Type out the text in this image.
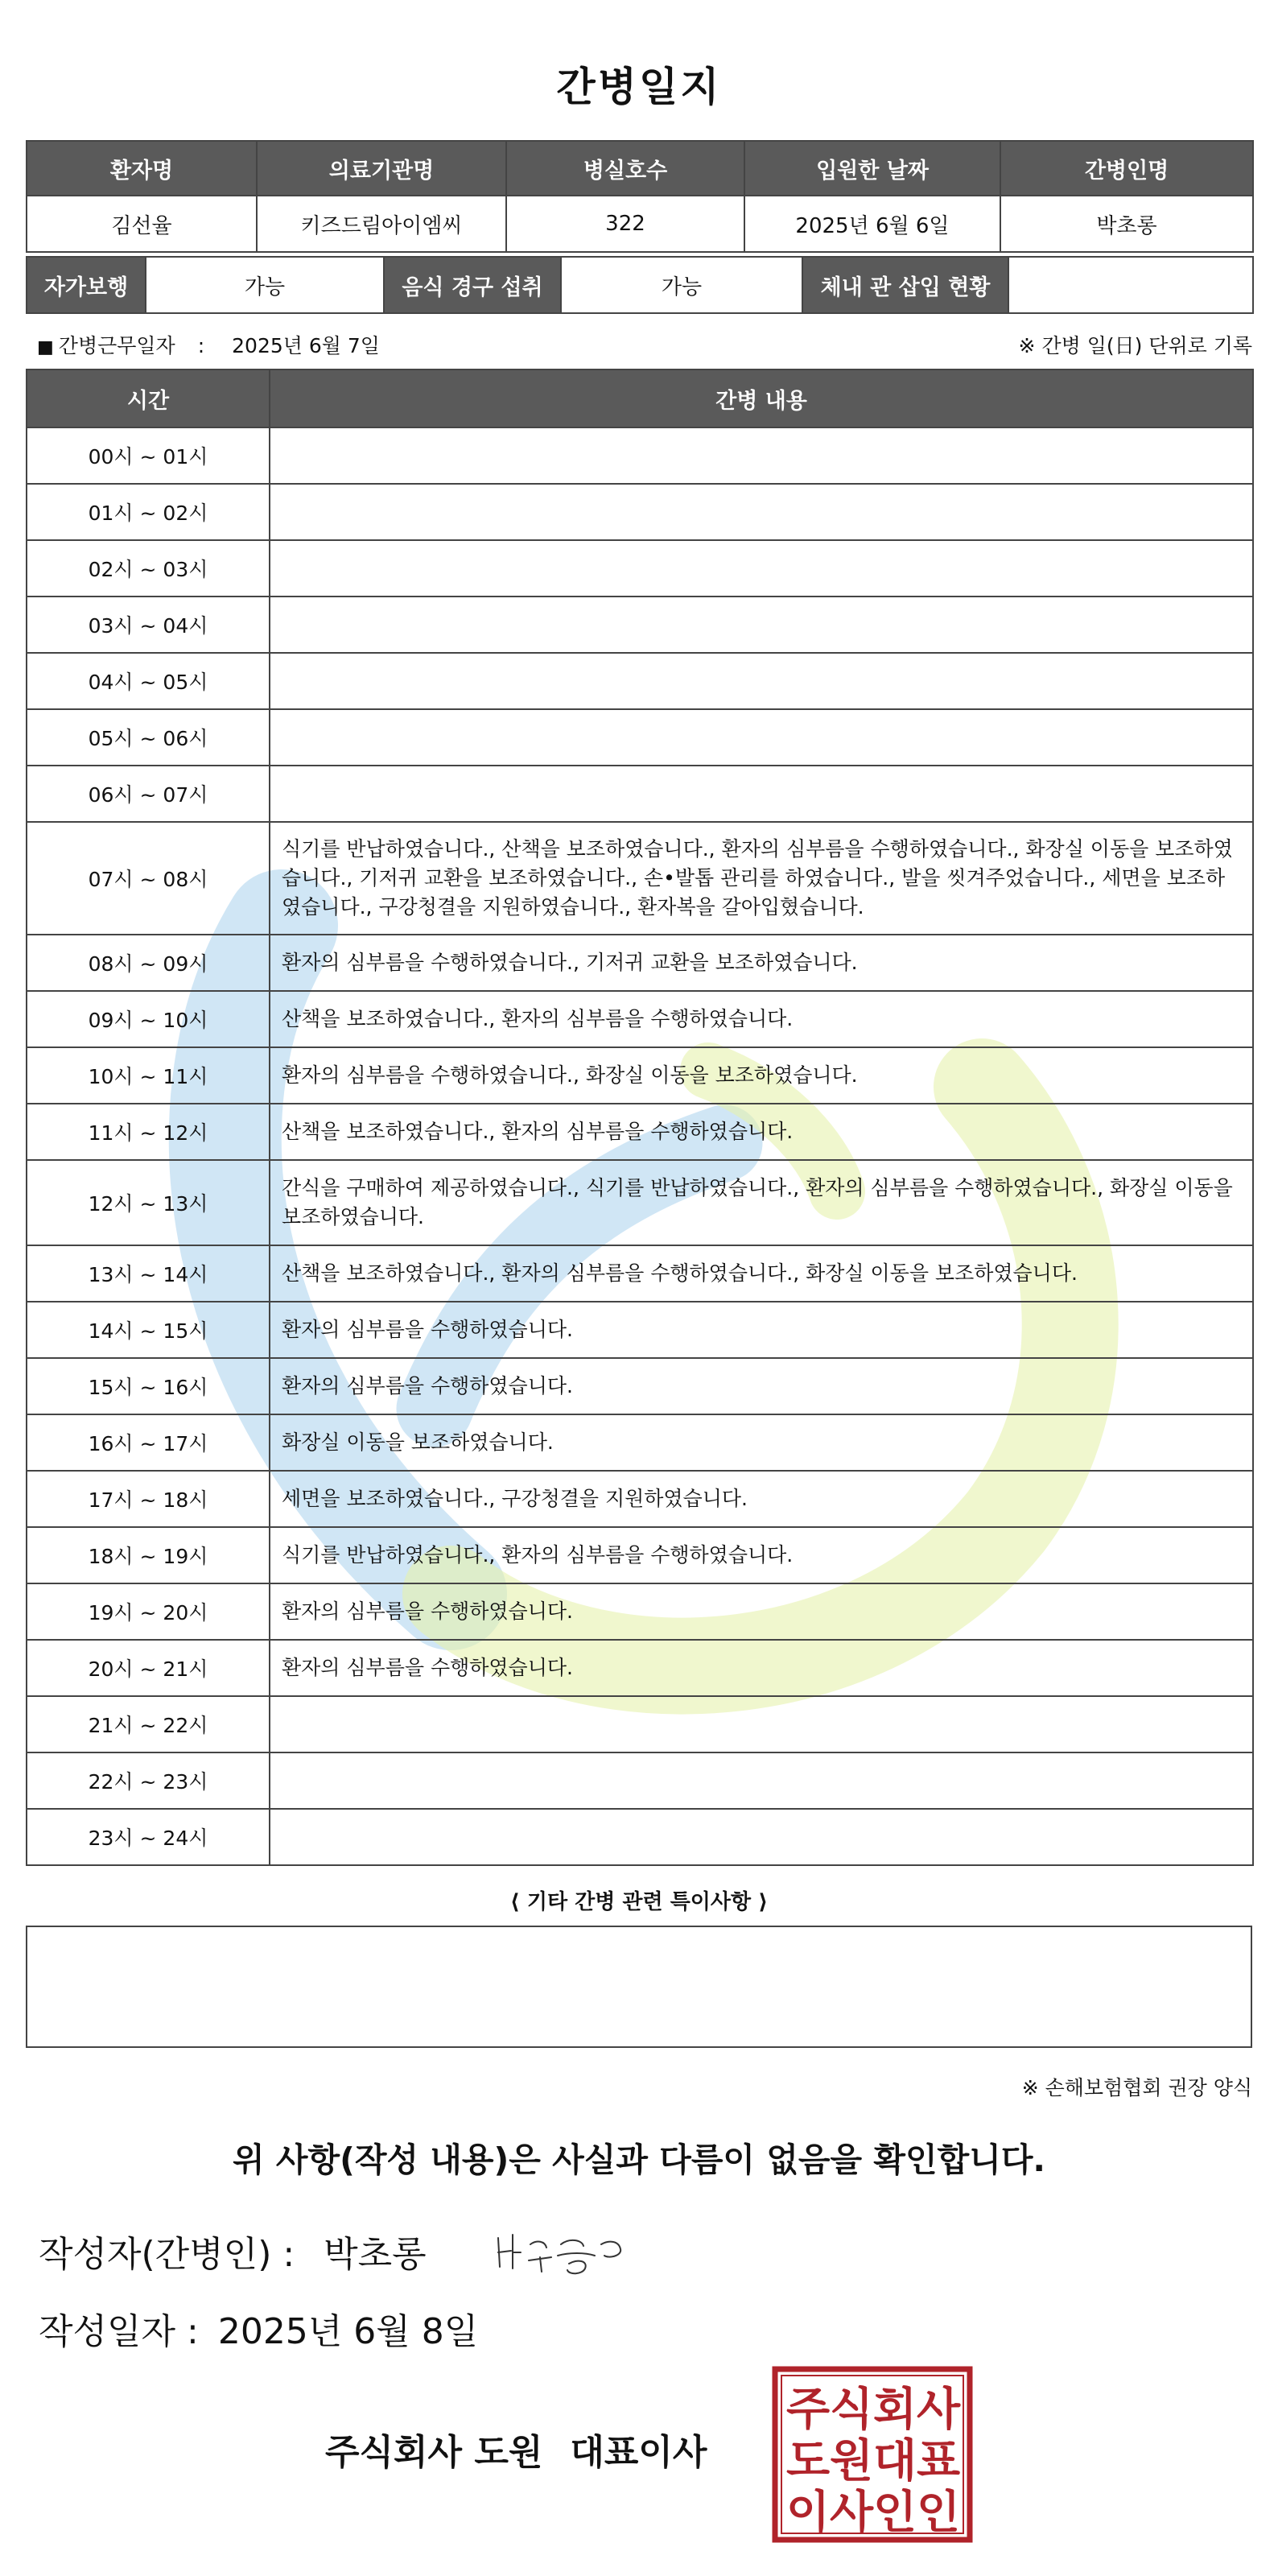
간병일지
환자명	의료기관명	병실호수	입원한 날짜	간병인명
김선율	키즈드림아이엠씨	322	2025년 6월 6일	박초롱
자가보행	가능	음식 경구 섭취	가능	체내 관 삽입 현황	
■ 간병근무일자 : 2025년 6월 7일	※ 간병 일(日) 단위로 기록
시간	간병 내용
00시 ~ 01시	
01시 ~ 02시	
02시 ~ 03시	
03시 ~ 04시	
04시 ~ 05시	
05시 ~ 06시	
06시 ~ 07시	
07시 ~ 08시	식기를 반납하였습니다., 산책을 보조하였습니다., 환자의 심부름을 수행하였습니다., 화장실 이동을 보조하였습니다., 기저귀 교환을 보조하였습니다., 손•발톱 관리를 하였습니다., 발을 씻겨주었습니다., 세면을 보조하였습니다., 구강청결을 지원하였습니다., 환자복을 갈아입혔습니다.
08시 ~ 09시	환자의 심부름을 수행하였습니다., 기저귀 교환을 보조하였습니다.
09시 ~ 10시	산책을 보조하였습니다., 환자의 심부름을 수행하였습니다.
10시 ~ 11시	환자의 심부름을 수행하였습니다., 화장실 이동을 보조하였습니다.
11시 ~ 12시	산책을 보조하였습니다., 환자의 심부름을 수행하였습니다.
12시 ~ 13시	간식을 구매하여 제공하였습니다., 식기를 반납하였습니다., 환자의 심부름을 수행하였습니다., 화장실 이동을 보조하였습니다.
13시 ~ 14시	산책을 보조하였습니다., 환자의 심부름을 수행하였습니다., 화장실 이동을 보조하였습니다.
14시 ~ 15시	환자의 심부름을 수행하였습니다.
15시 ~ 16시	환자의 심부름을 수행하였습니다.
16시 ~ 17시	화장실 이동을 보조하였습니다.
17시 ~ 18시	세면을 보조하였습니다., 구강청결을 지원하였습니다.
18시 ~ 19시	식기를 반납하였습니다., 환자의 심부름을 수행하였습니다.
19시 ~ 20시	환자의 심부름을 수행하였습니다.
20시 ~ 21시	환자의 심부름을 수행하였습니다.
21시 ~ 22시	
22시 ~ 23시	
23시 ~ 24시	
⟨ 기타 간병 관련 특이사항 ⟩
※ 손해보험협회 권장 양식
위 사항(작성 내용)은 사실과 다름이 없음을 확인합니다.
작성자(간병인) : 박초롱
작성일자 : 2025년 6월 8일
주식회사 도원 대표이사
주 식 회 사
도 원 대 표
이 사 인 인
